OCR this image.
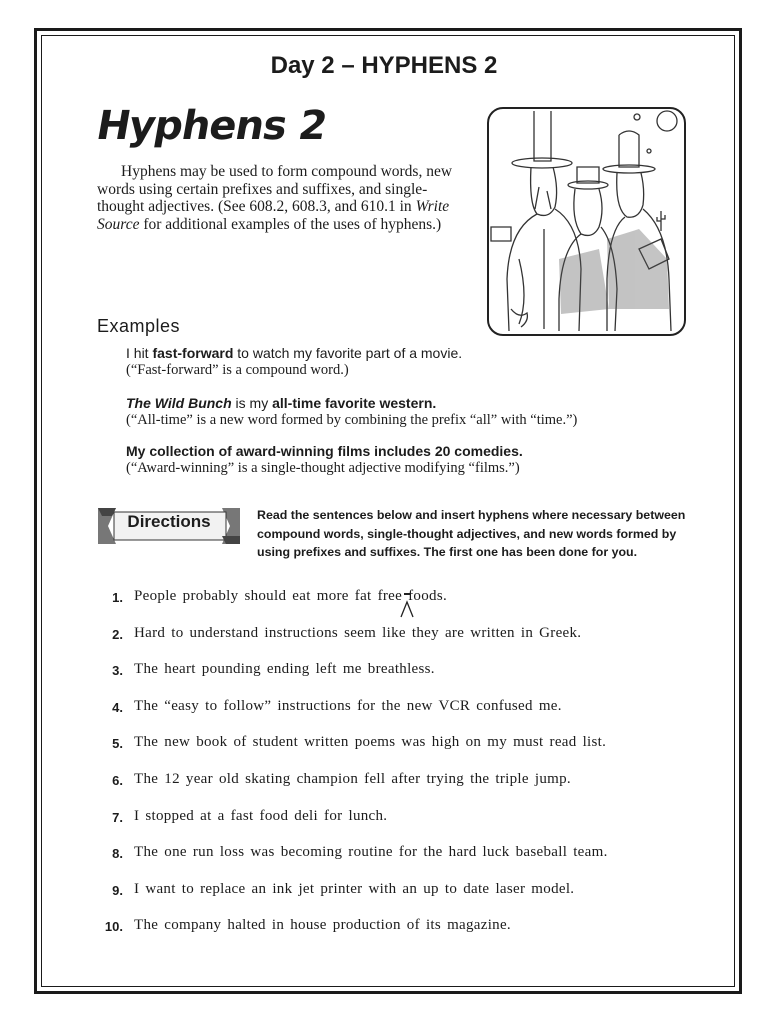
Day 2 – HYPHENS 2
Hyphens 2
Hyphens may be used to form compound words, new words using certain prefixes and suffixes, and single-thought adjectives. (See 608.2, 608.3, and 610.1 in Write Source for additional examples of the uses of hyphens.)
Examples
I hit fast-forward to watch my favorite part of a movie.
(“Fast-forward” is a compound word.)
The Wild Bunch is my all-time favorite western.
(“All-time” is a new word formed by combining the prefix “all” with “time.”)
My collection of award-winning films includes 20 comedies.
(“Award-winning” is a single-thought adjective modifying “films.”)
Directions	Read the sentences below and insert hyphens where necessary between compound words, single-thought adjectives, and new words formed by using prefixes and suffixes. The first one has been done for you.
1. People probably should eat more fat free foods.
2. Hard to understand instructions seem like they are written in Greek.
3. The heart pounding ending left me breathless.
4. The “easy to follow” instructions for the new VCR confused me.
5. The new book of student written poems was high on my must read list.
6. The 12 year old skating champion fell after trying the triple jump.
7. I stopped at a fast food deli for lunch.
8. The one run loss was becoming routine for the hard luck baseball team.
9. I want to replace an ink jet printer with an up to date laser model.
10. The company halted in house production of its magazine.
